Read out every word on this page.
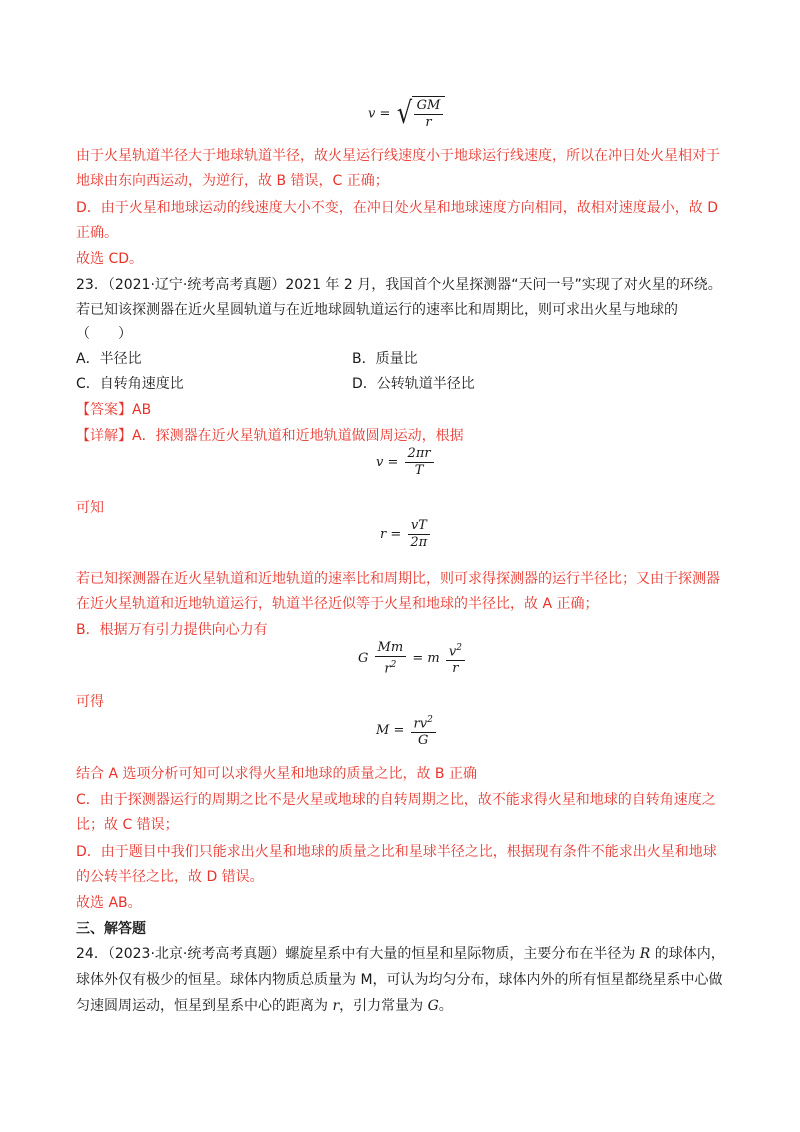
v = √ $\frac{GM}{r}$
由于火星轨道半径大于地球轨道半径，故火星运行线速度小于地球运行线速度，所以在冲日处火星相对于
地球由东向西运动，为逆行，故 B 错误，C 正确；
D．由于火星和地球运动的线速度大小不变，在冲日处火星和地球速度方向相同，故相对速度最小，故 D
正确。
故选 CD。
23．（2021·辽宁·统考高考真题）2021 年 2 月，我国首个火星探测器“天问一号”实现了对火星的环绕。
若已知该探测器在近火星圆轨道与在近地球圆轨道运行的速率比和周期比，则可求出火星与地球的
（　　）
A．半径比	B．质量比
C．自转角速度比	D．公转轨道半径比
【答案】AB
【详解】A．探测器在近火星轨道和近地轨道做圆周运动，根据
$v = \frac{2\pi r}{T}$
可知
$r = \frac{vT}{2\pi}$
若已知探测器在近火星轨道和近地轨道的速率比和周期比，则可求得探测器的运行半径比；又由于探测器
在近火星轨道和近地轨道运行，轨道半径近似等于火星和地球的半径比，故 A 正确；
B．根据万有引力提供向心力有
G $\frac{Mm}{r^2} = m \frac{v^2}{r}$
可得
$M = \frac{rv^2}{G}$
结合 A 选项分析可知可以求得火星和地球的质量之比，故 B 正确
C．由于探测器运行的周期之比不是火星或地球的自转周期之比，故不能求得火星和地球的自转角速度之
比；故 C 错误；
D．由于题目中我们只能求出火星和地球的质量之比和星球半径之比，根据现有条件不能求出火星和地球
的公转半径之比，故 D 错误。
故选 AB。
三、解答题
24．（2023·北京·统考高考真题）螺旋星系中有大量的恒星和星际物质，主要分布在半径为 R 的球体内，
球体外仅有极少的恒星。球体内物质总质量为 M，可认为均匀分布，球体内外的所有恒星都绕星系中心做
匀速圆周运动，恒星到星系中心的距离为 r，引力常量为 G。
